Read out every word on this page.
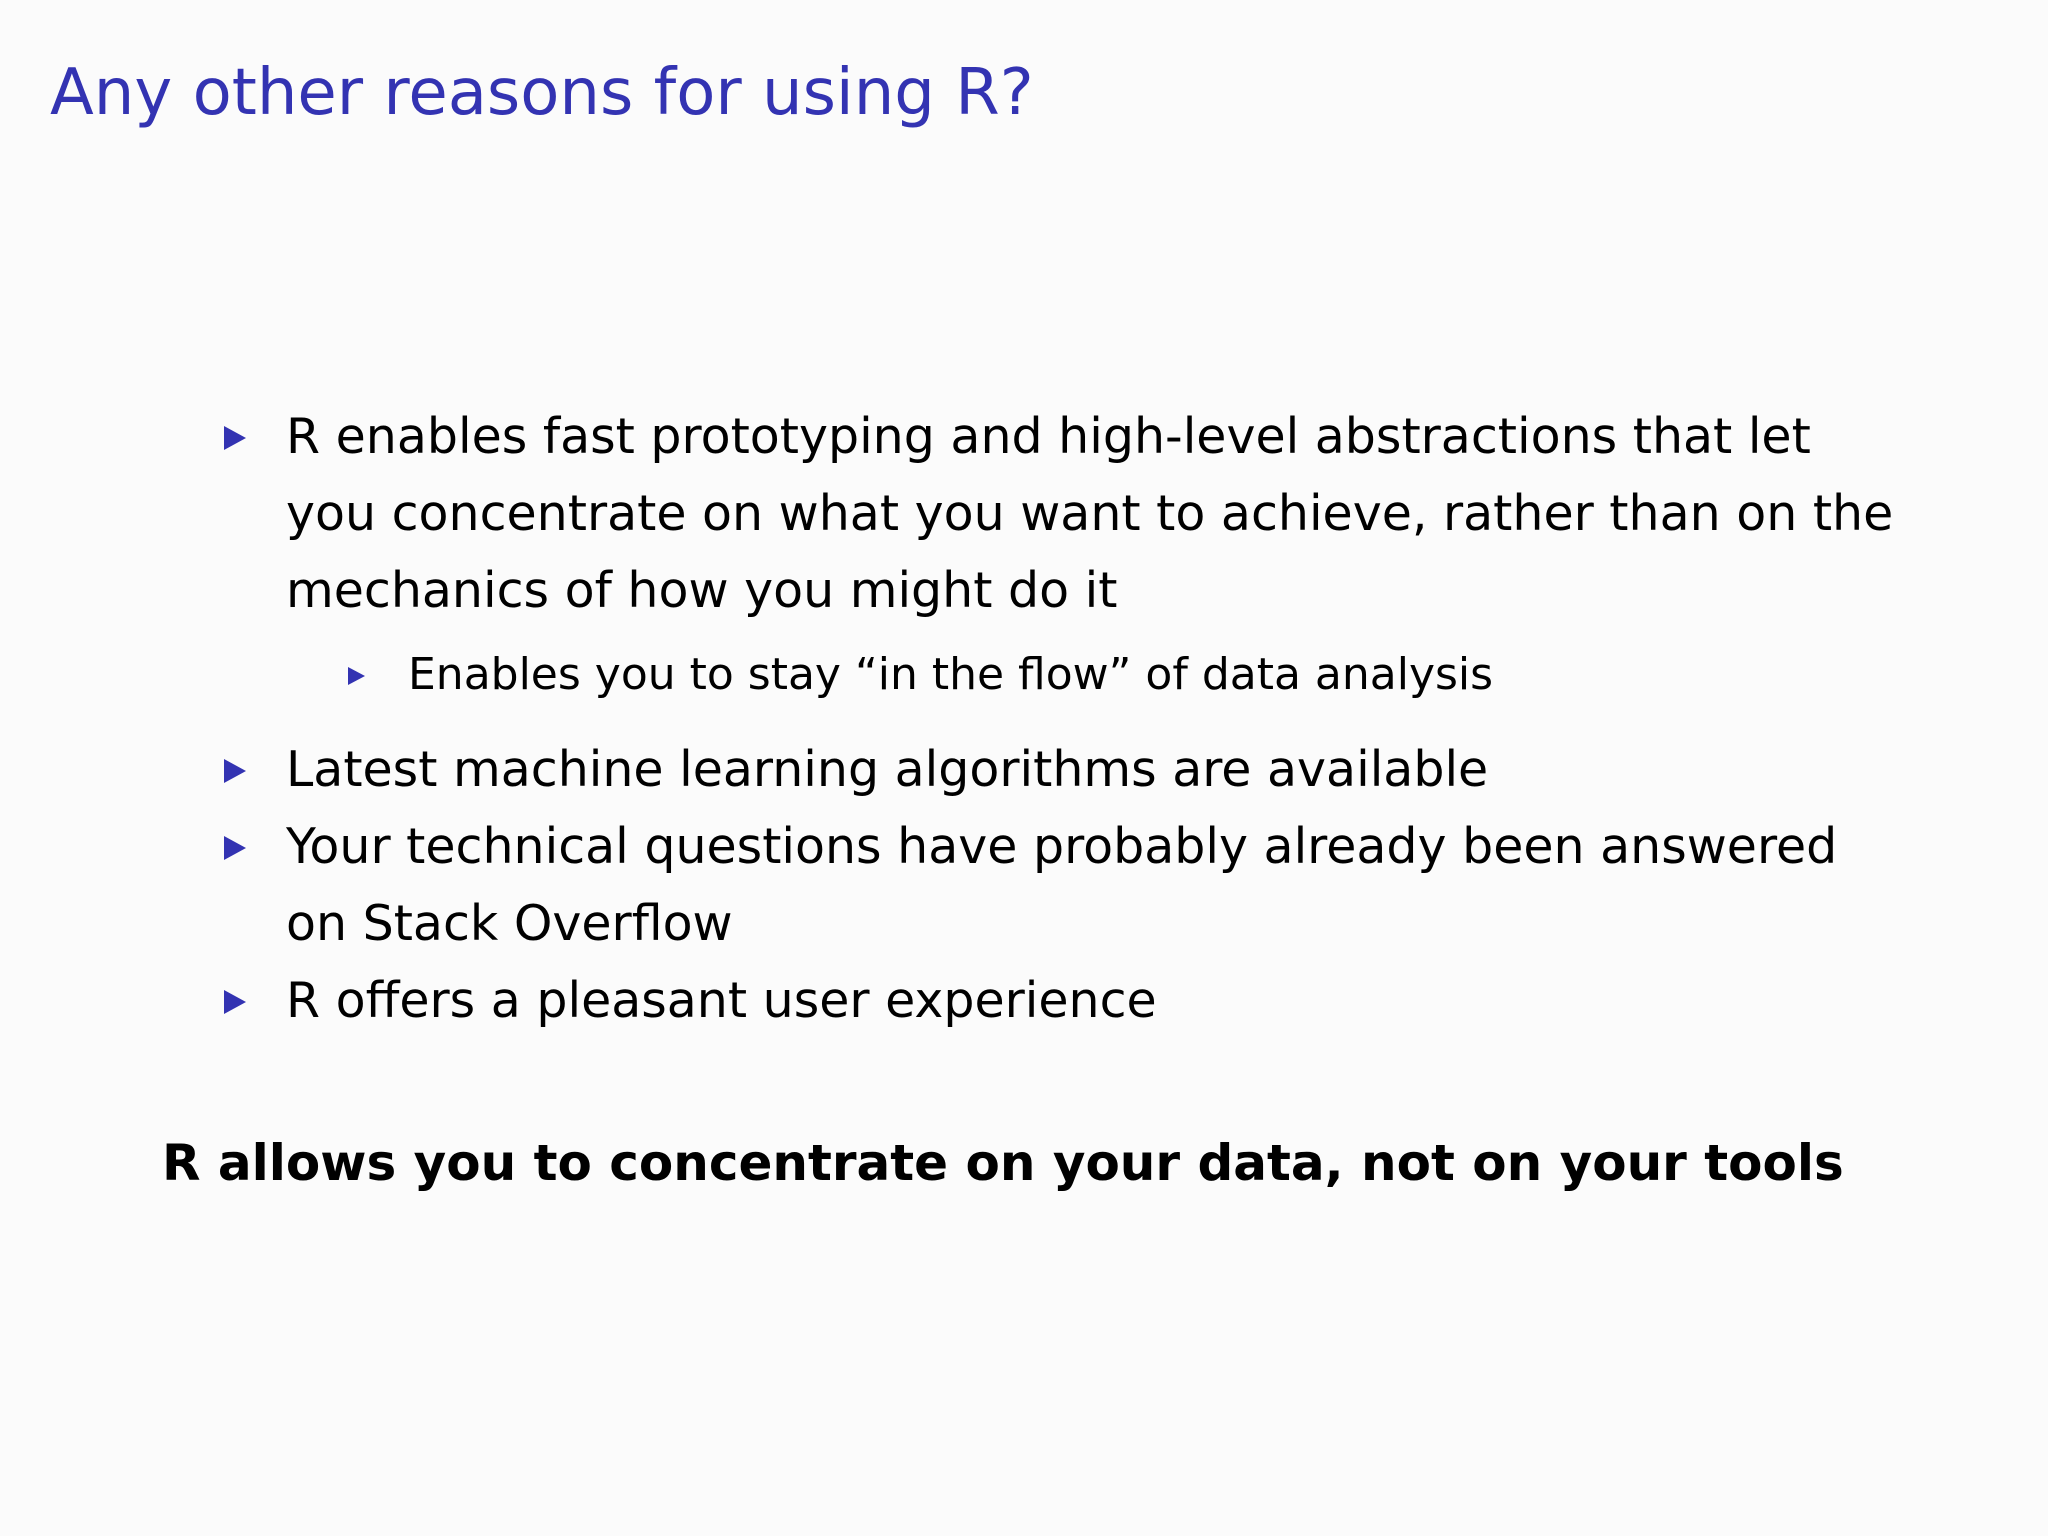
Any other reasons for using R?
R enables fast prototyping and high-level abstractions that let you concentrate on what you want to achieve, rather than on the mechanics of how you might do it
Enables you to stay “in the flow” of data analysis
Latest machine learning algorithms are available
Your technical questions have probably already been answered on Stack Overflow
R offers a pleasant user experience

R allows you to concentrate on your data, not on your tools
